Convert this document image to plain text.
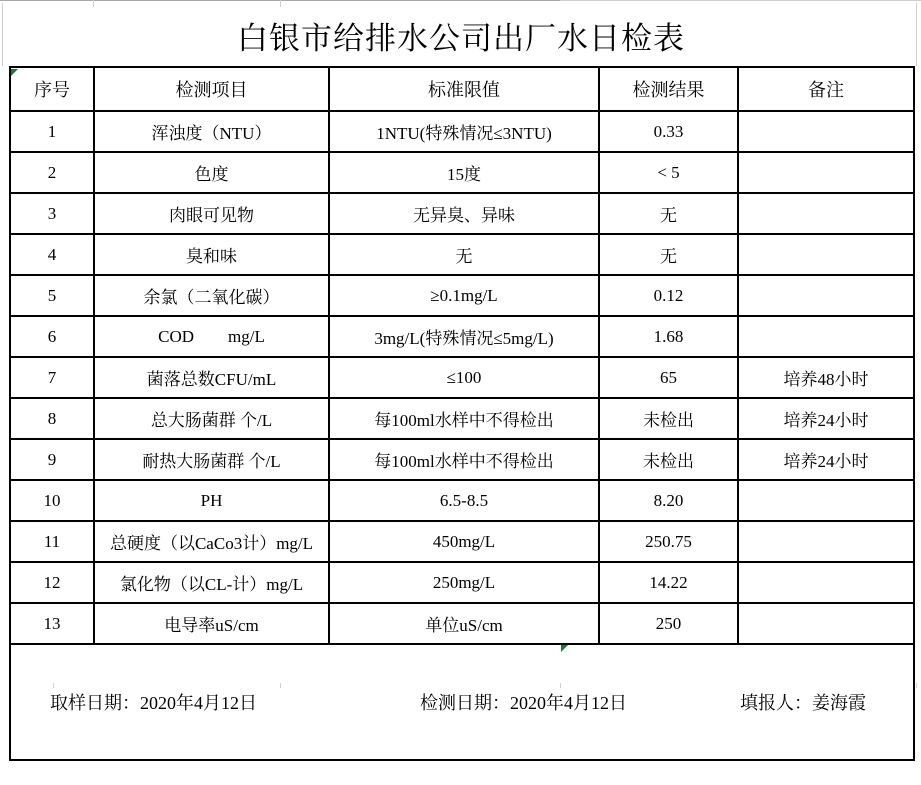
白银市给排水公司出厂水日检表
序号	检测项目	标准限值	检测结果	备注
1	浑浊度（NTU）	1NTU(特殊情况≤3NTU)	0.33	
2	色度	15度	< 5	
3	肉眼可见物	无异臭、异味	无	
4	臭和味	无	无	
5	余氯（二氧化碳）	≥0.1mg/L	0.12	
6	COD        mg/L	3mg/L(特殊情况≤5mg/L)	1.68	
7	菌落总数CFU/mL	≤100	65	培养48小时
8	总大肠菌群 个/L	每100ml水样中不得检出	未检出	培养24小时
9	耐热大肠菌群 个/L	每100ml水样中不得检出	未检出	培养24小时
10	PH	6.5-8.5	8.20	
11	总硬度（以CaCo3计）mg/L	450mg/L	250.75	
12	氯化物（以CL-计）mg/L	250mg/L	14.22	
13	电导率uS/cm	单位uS/cm	250	

取样日期：2020年4月12日

检测日期：2020年4月12日

填报人：姜海霞				
